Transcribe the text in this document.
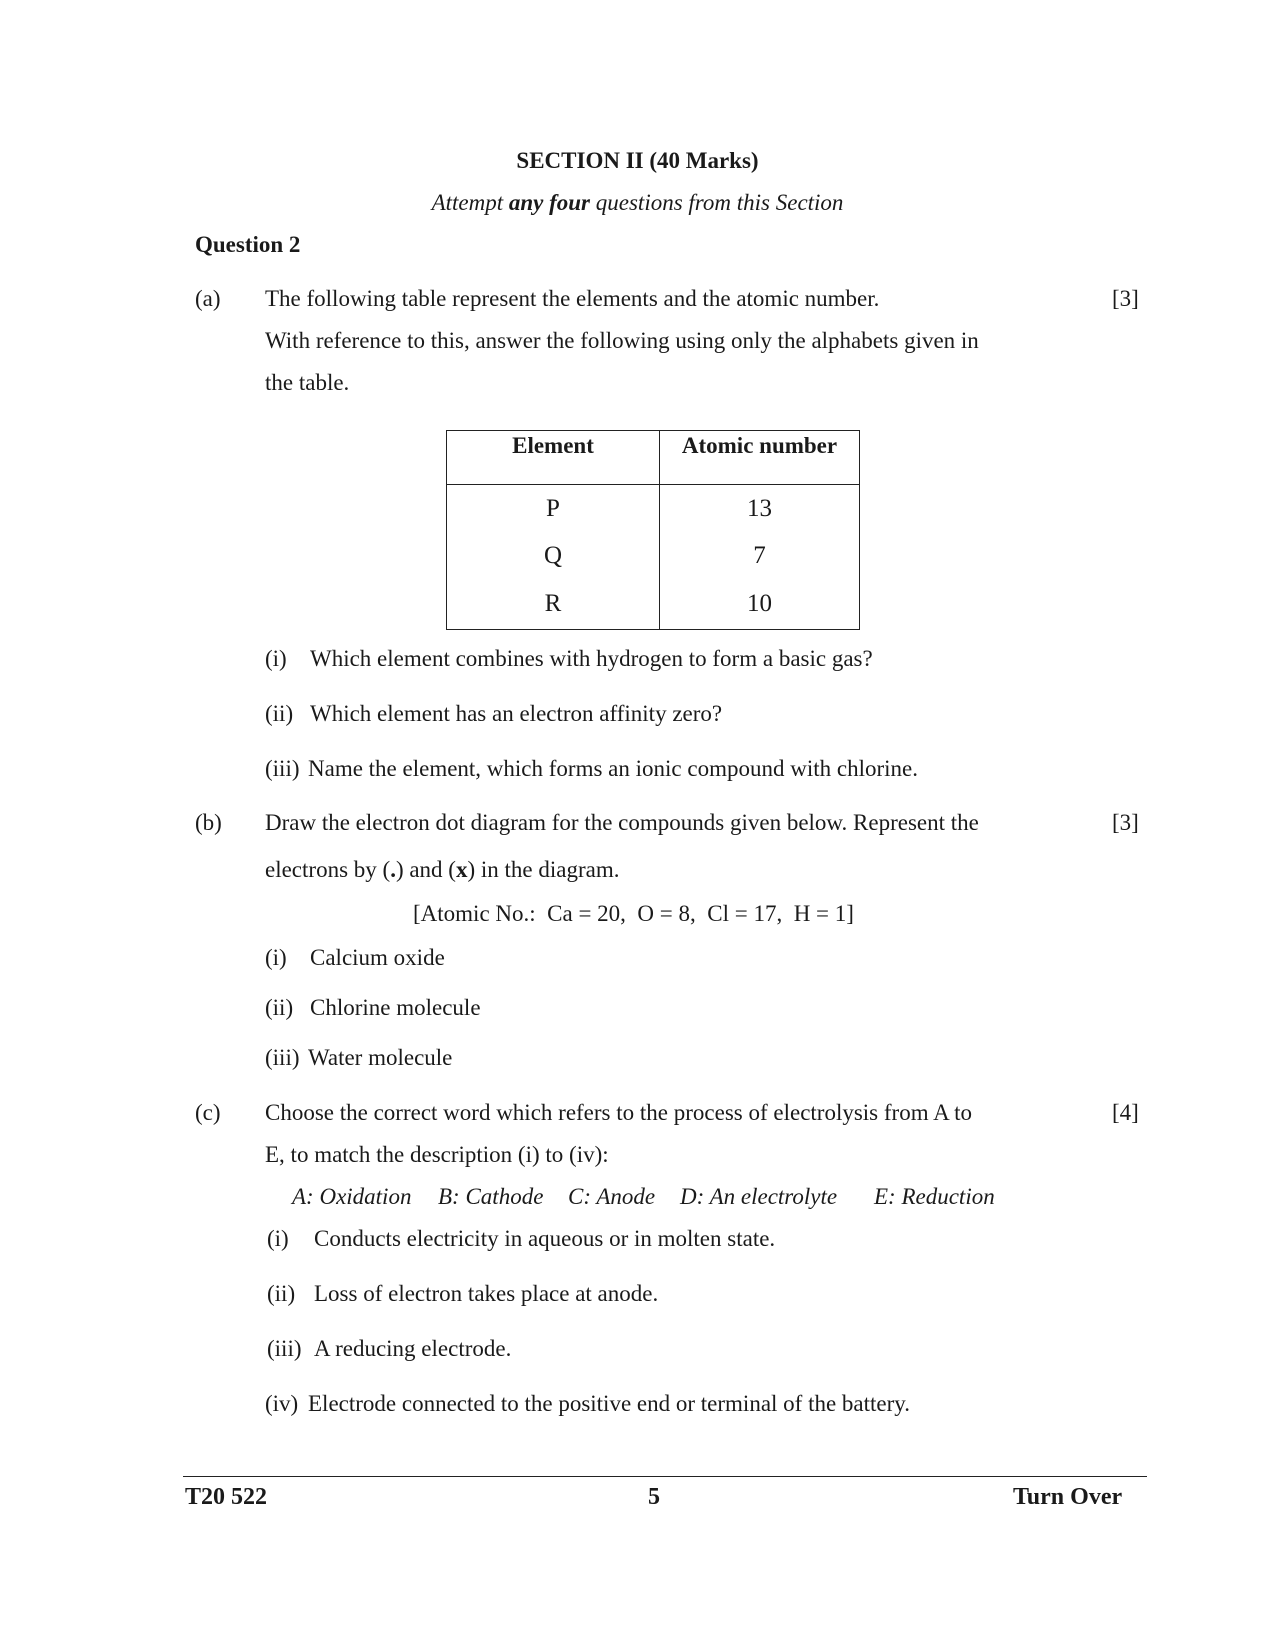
SECTION II (40 Marks)
Attempt any four questions from this Section
Question 2
(a)	[3]
The following table represent the elements and the atomic number.
With reference to this, answer the following using only the alphabets given in
the table.
Element	Atomic number
P	13
Q	7
R	10
(i) Which element combines with hydrogen to form a basic gas?
(ii) Which element has an electron affinity zero?
(iii) Name the element, which forms an ionic compound with chlorine.
(b)	[3]
Draw the electron dot diagram for the compounds given below. Represent the
electrons by (.) and (x) in the diagram.
[Atomic No.:  Ca = 20,  O = 8,  Cl = 17,  H = 1]
(i) Calcium oxide
(ii) Chlorine molecule
(iii) Water molecule
(c)	[4]
Choose the correct word which refers to the process of electrolysis from A to
E, to match the description (i) to (iv):
A: Oxidation B: Cathode C: Anode D: An electrolyte E: Reduction
(i) Conducts electricity in aqueous or in molten state.
(ii) Loss of electron takes place at anode.
(iii) A reducing electrode.
(iv) Electrode connected to the positive end or terminal of the battery.
T20 522	5	Turn Over
